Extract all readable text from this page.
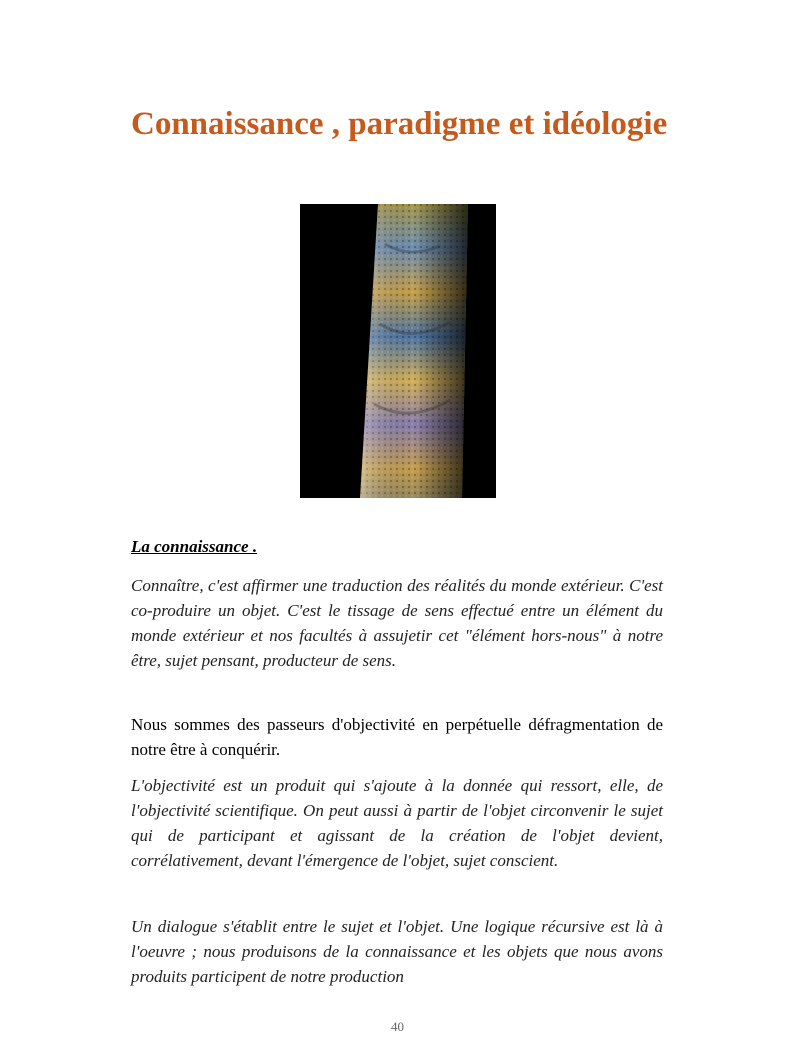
Connaissance , paradigme et idéologie
La connaissance .

Connaître, c'est affirmer une traduction des réalités du monde extérieur. C'est co-produire un objet. C'est le tissage de sens effectué entre un élément du monde extérieur et nos facultés à assujetir cet "élément hors-nous" à notre être, sujet pensant, producteur de sens.

Nous sommes des passeurs d'objectivité en perpétuelle défragmentation de notre être à conquérir.

L'objectivité est un produit qui s'ajoute à la donnée qui ressort, elle, de l'objectivité scientifique. On peut aussi à partir de l'objet circonvenir le sujet qui de participant et agissant de la création de l'objet devient, corrélativement, devant l'émergence de l'objet, sujet conscient.

Un dialogue s'établit entre le sujet et l'objet. Une logique récursive est là à l'oeuvre ; nous produisons de la connaissance et les objets que nous avons produits participent de notre production

40
